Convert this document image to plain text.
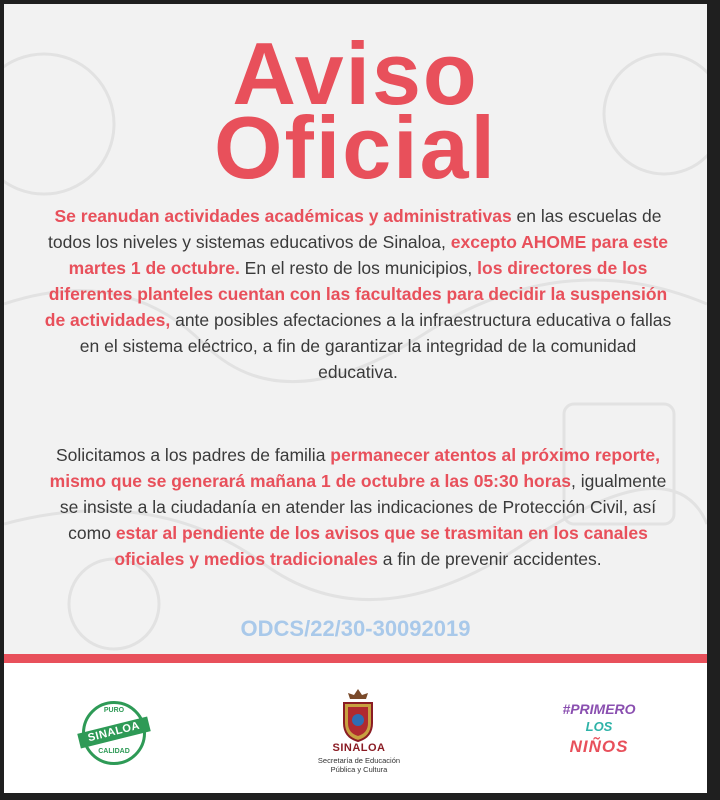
Aviso
Oficial

Se reanudan actividades académicas y administrativas en las escuelas de todos los niveles y sistemas educativos de Sinaloa, excepto AHOME para este martes 1 de octubre. En el resto de los municipios, los directores de los diferentes planteles cuentan con las facultades para decidir la suspensión de actividades, ante posibles afectaciones a la infraestructura educativa o fallas en el sistema eléctrico, a fin de garantizar la integridad de la comunidad educativa.

Solicitamos a los padres de familia permanecer atentos al próximo reporte, mismo que se generará mañana 1 de octubre a las 05:30 horas, igualmente se insiste a la ciudadanía en atender las indicaciones de Protección Civil, así como estar al pendiente de los avisos que se trasmitan en los canales oficiales y medios tradicionales a fin de prevenir accidentes.

ODCS/22/30-30092019
PURO
SINALOA
CALIDAD	SINALOA
Secretaría de Educación
Pública y Cultura
#PRIMERO
LOS
NIÑOS
